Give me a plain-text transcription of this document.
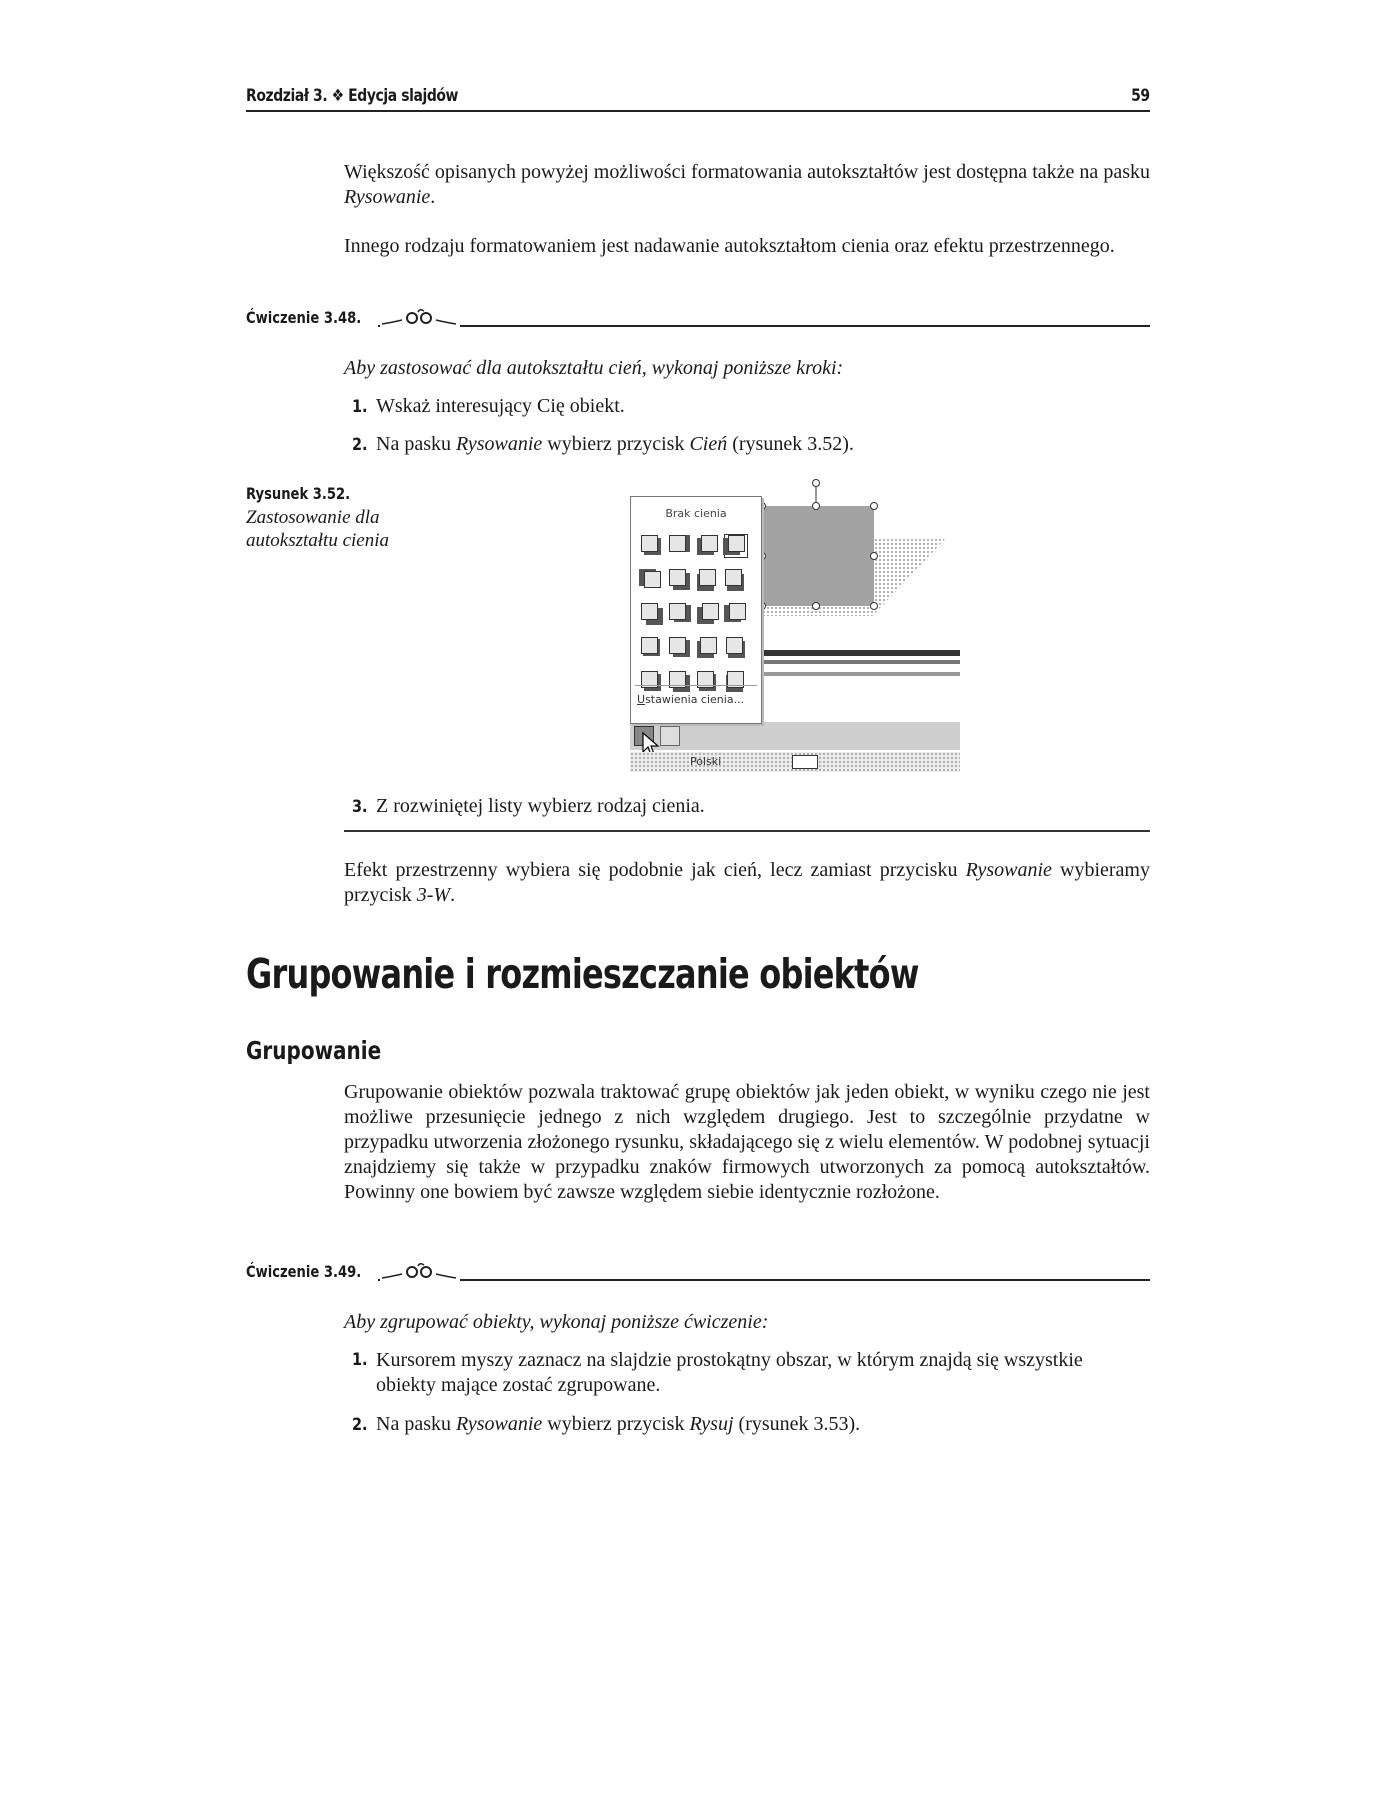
Rozdział 3. ❖ Edycja slajdów	59

Większość opisanych powyżej możliwości formatowania autokształtów jest dostępna także na pasku Rysowanie.

Innego rodzaju formatowaniem jest nadawanie autokształtom cienia oraz efektu przestrzennego.

Ćwiczenie 3.48.

Aby zastosować dla autokształtu cień, wykonaj poniższe kroki:

1. Wskaż interesujący Cię obiekt.
2. Na pasku Rysowanie wybierz przycisk Cień (rysunek 3.52).
Rysunek 3.52.
Zastosowanie dla autokształtu cienia
Polski
Brak cienia
Ustawienia cienia...
3. Z rozwiniętej listy wybierz rodzaj cienia.

Efekt przestrzenny wybiera się podobnie jak cień, lecz zamiast przycisku Rysowanie wybieramy przycisk 3-W.

Grupowanie i rozmieszczanie obiektów
Grupowanie

Grupowanie obiektów pozwala traktować grupę obiektów jak jeden obiekt, w wyniku czego nie jest możliwe przesunięcie jednego z nich względem drugiego. Jest to szczególnie przydatne w przypadku utworzenia złożonego rysunku, składającego się z wielu elementów. W podobnej sytuacji znajdziemy się także w przypadku znaków firmowych utworzonych za pomocą autokształtów. Powinny one bowiem być zawsze względem siebie identycznie rozłożone.

Ćwiczenie 3.49.

Aby zgrupować obiekty, wykonaj poniższe ćwiczenie:

1. Kursorem myszy zaznacz na slajdzie prostokątny obszar, w którym znajdą się wszystkie obiekty mające zostać zgrupowane.
2. Na pasku Rysowanie wybierz przycisk Rysuj (rysunek 3.53).
